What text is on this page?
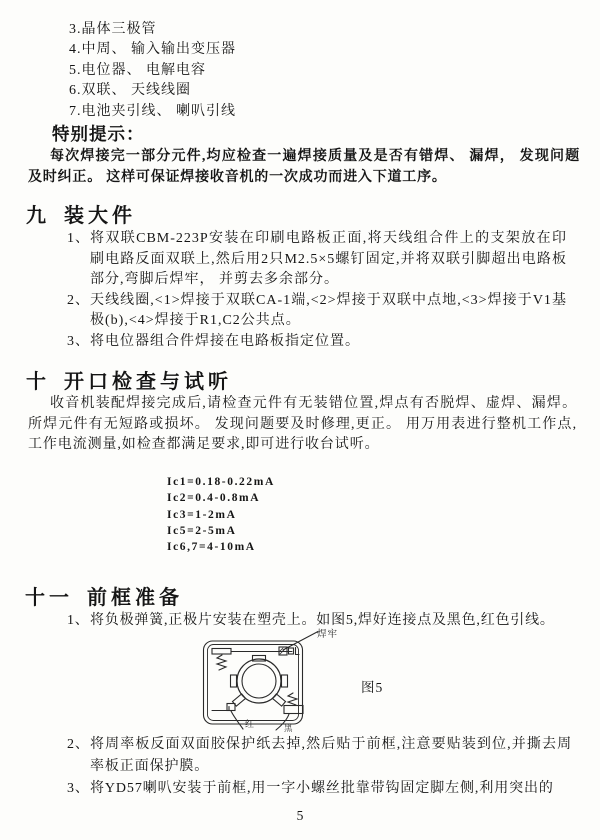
3.晶体三极管
4.中周、 输入输出变压器
5.电位器、 电解电容
6.双联、 天线线圈
7.电池夹引线、 喇叭引线
特别提示：
每次焊接完一部分元件,均应检查一遍焊接质量及是否有错焊、 漏焊， 发现问题及时纠正。 这样可保证焊接收音机的一次成功而进入下道工序。
九 装大件
1、 将双联CBM-223P安装在印刷电路板正面,将天线组合件上的支架放在印刷电路反面双联上,然后用2只M2.5×5螺钉固定,并将双联引脚超出电路板部分,弯脚后焊牢， 并剪去多余部分。
2、 天线线圈,<1>焊接于双联CA-1端,<2>焊接于双联中点地,<3>焊接于V1基极(b),<4>焊接于R1,C2公共点。
3、 将电位器组合件焊接在电路板指定位置。
十 开口检查与试听
收音机装配焊接完成后,请检查元件有无装错位置,焊点有否脱焊、虚焊、漏焊。所焊元件有无短路或损坏。 发现问题要及时修理,更正。 用万用表进行整机工作点,工作电流测量,如检查都满足要求,即可进行收台试听。
Ic1=0.18-0.22mA
Ic2=0.4-0.8mA
Ic3=1-2mA
Ic5=2-5mA
Ic6,7=4-10mA
十一 前框准备
1、 将负极弹簧,正极片安装在塑壳上。如图5,焊好连接点及黑色,红色引线。
红	黑
焊牢
图5
2、 将周率板反面双面胶保护纸去掉,然后贴于前框,注意要贴装到位,并撕去周率板正面保护膜。
3、 将YD57喇叭安装于前框,用一字小螺丝批靠带钩固定脚左侧,利用突出的
5
